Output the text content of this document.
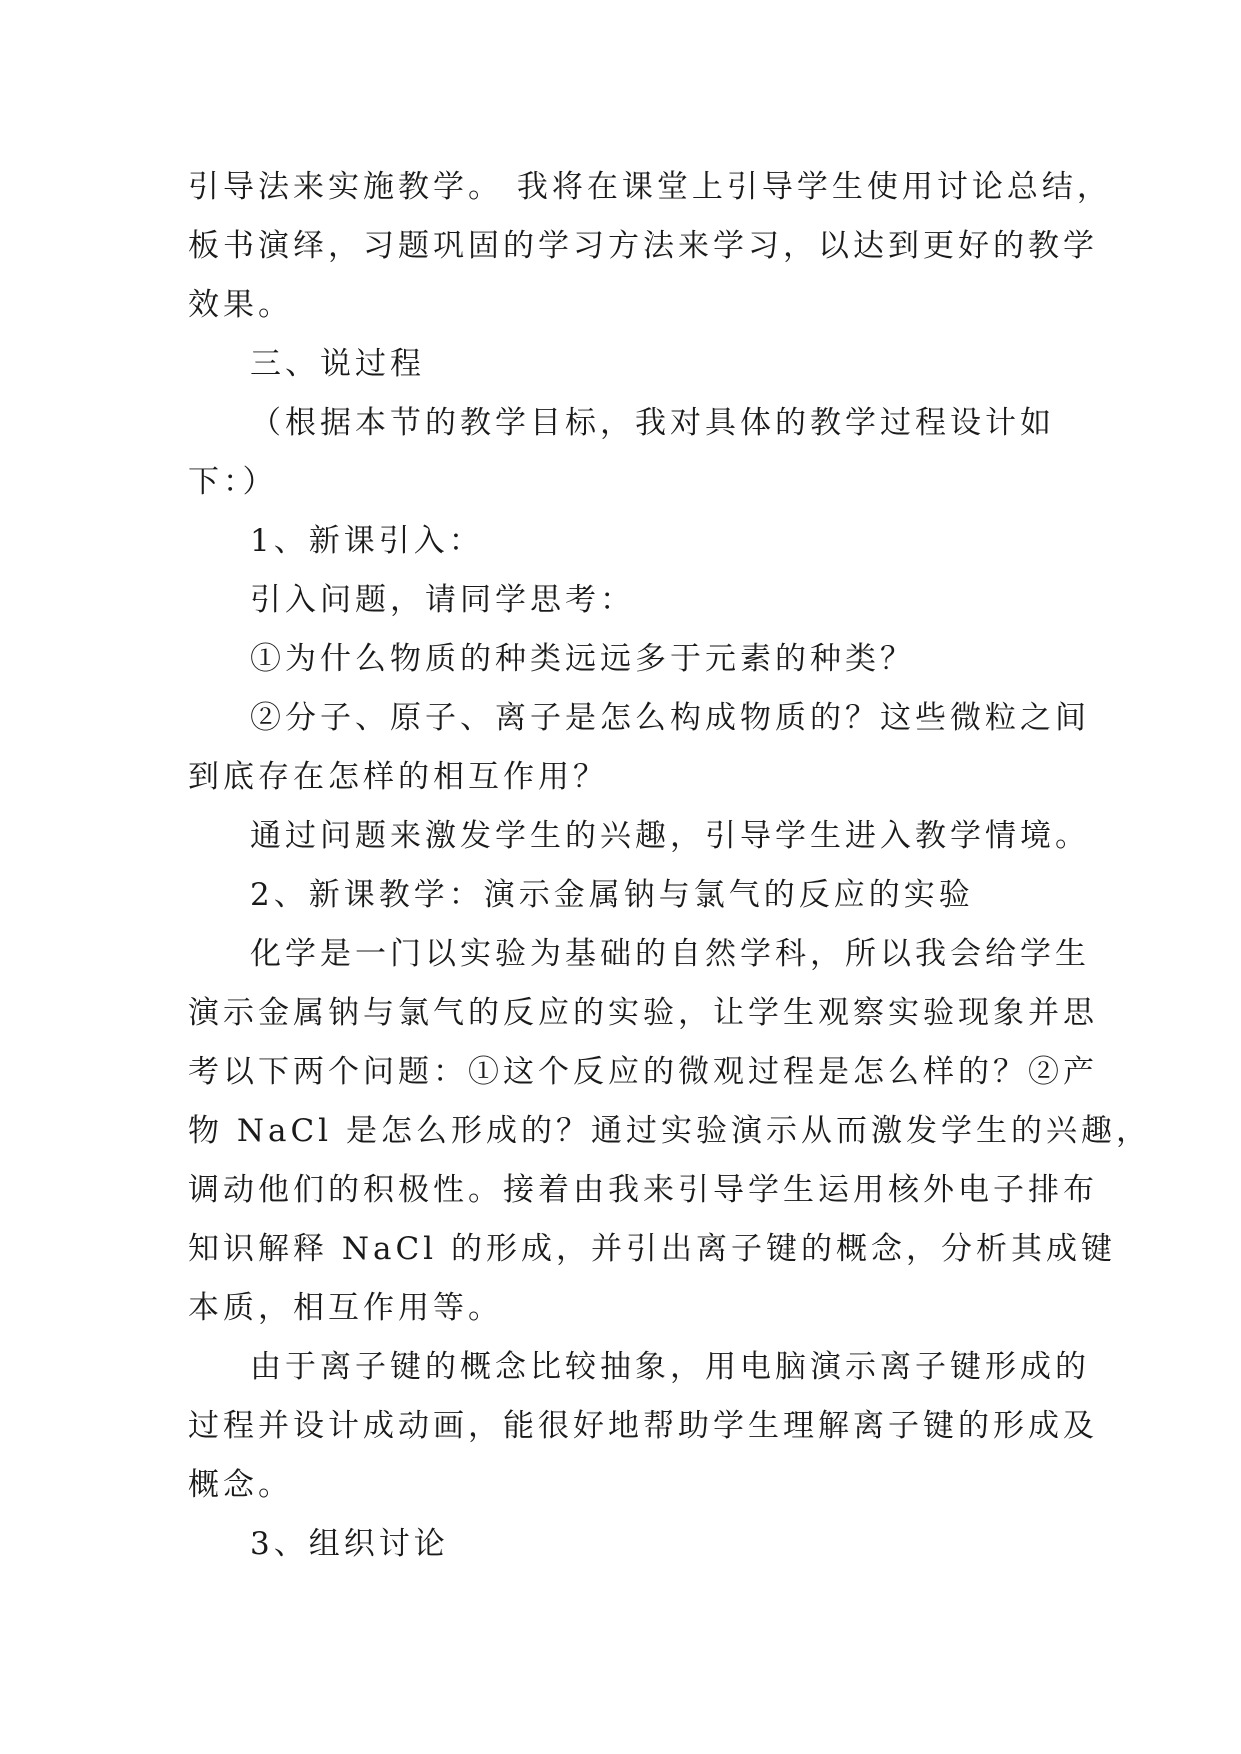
引导法来实施教学。 我将在课堂上引导学生使用讨论总结，
板书演绎，习题巩固的学习方法来学习，以达到更好的教学
效果。
三、说过程
（根据本节的教学目标，我对具体的教学过程设计如
下：）
1、新课引入：
引入问题，请同学思考：
①为什么物质的种类远远多于元素的种类？
②分子、原子、离子是怎么构成物质的？这些微粒之间
到底存在怎样的相互作用？
通过问题来激发学生的兴趣，引导学生进入教学情境。
2、新课教学：演示金属钠与氯气的反应的实验
化学是一门以实验为基础的自然学科，所以我会给学生
演示金属钠与氯气的反应的实验，让学生观察实验现象并思
考以下两个问题：①这个反应的微观过程是怎么样的？②产
物 NaCl 是怎么形成的？通过实验演示从而激发学生的兴趣，
调动他们的积极性。接着由我来引导学生运用核外电子排布
知识解释 NaCl 的形成，并引出离子键的概念，分析其成键
本质，相互作用等。
由于离子键的概念比较抽象，用电脑演示离子键形成的
过程并设计成动画，能很好地帮助学生理解离子键的形成及
概念。
3、组织讨论
